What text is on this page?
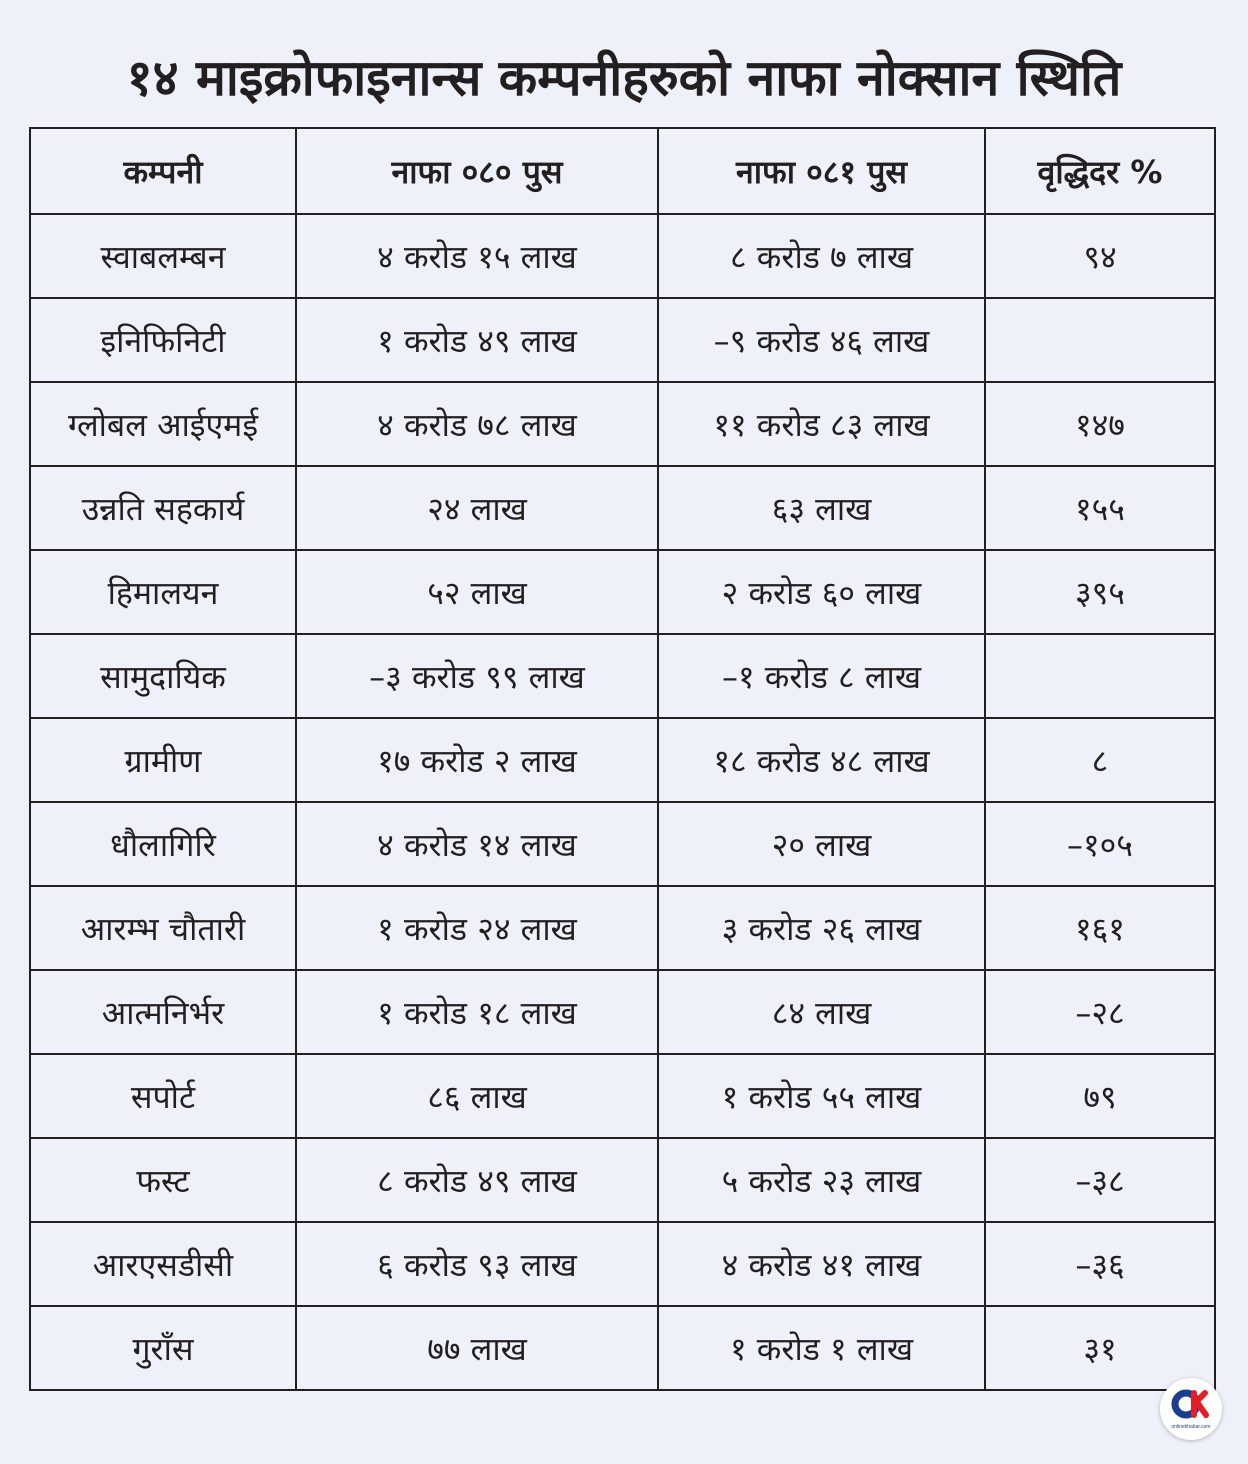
१४ माइक्रोफाइनान्स कम्पनीहरुको नाफा नोक्सान स्थिति
कम्पनी	नाफा ०८० पुस	नाफा ०८१ पुस	वृद्धिदर %
स्वाबलम्बन	४ करोड १५ लाख	८ करोड ७ लाख	९४
इनिफिनिटी	१ करोड ४९ लाख	–९ करोड ४६ लाख	
ग्लोबल आईएमई	४ करोड ७८ लाख	११ करोड ८३ लाख	१४७
उन्नति सहकार्य	२४ लाख	६३ लाख	१५५
हिमालयन	५२ लाख	२ करोड ६० लाख	३९५
सामुदायिक	–३ करोड ९९ लाख	–१ करोड ८ लाख	
ग्रामीण	१७ करोड २ लाख	१८ करोड ४८ लाख	८
धौलागिरि	४ करोड १४ लाख	२० लाख	–१०५
आरम्भ चौतारी	१ करोड २४ लाख	३ करोड २६ लाख	१६१
आत्मनिर्भर	१ करोड १८ लाख	८४ लाख	–२८
सपोर्ट	८६ लाख	१ करोड ५५ लाख	७९
फस्ट	८ करोड ४९ लाख	५ करोड २३ लाख	–३८
आरएसडीसी	६ करोड ९३ लाख	४ करोड ४१ लाख	–३६
गुराँस	७७ लाख	१ करोड १ लाख	३१
onlinekhabar.com
